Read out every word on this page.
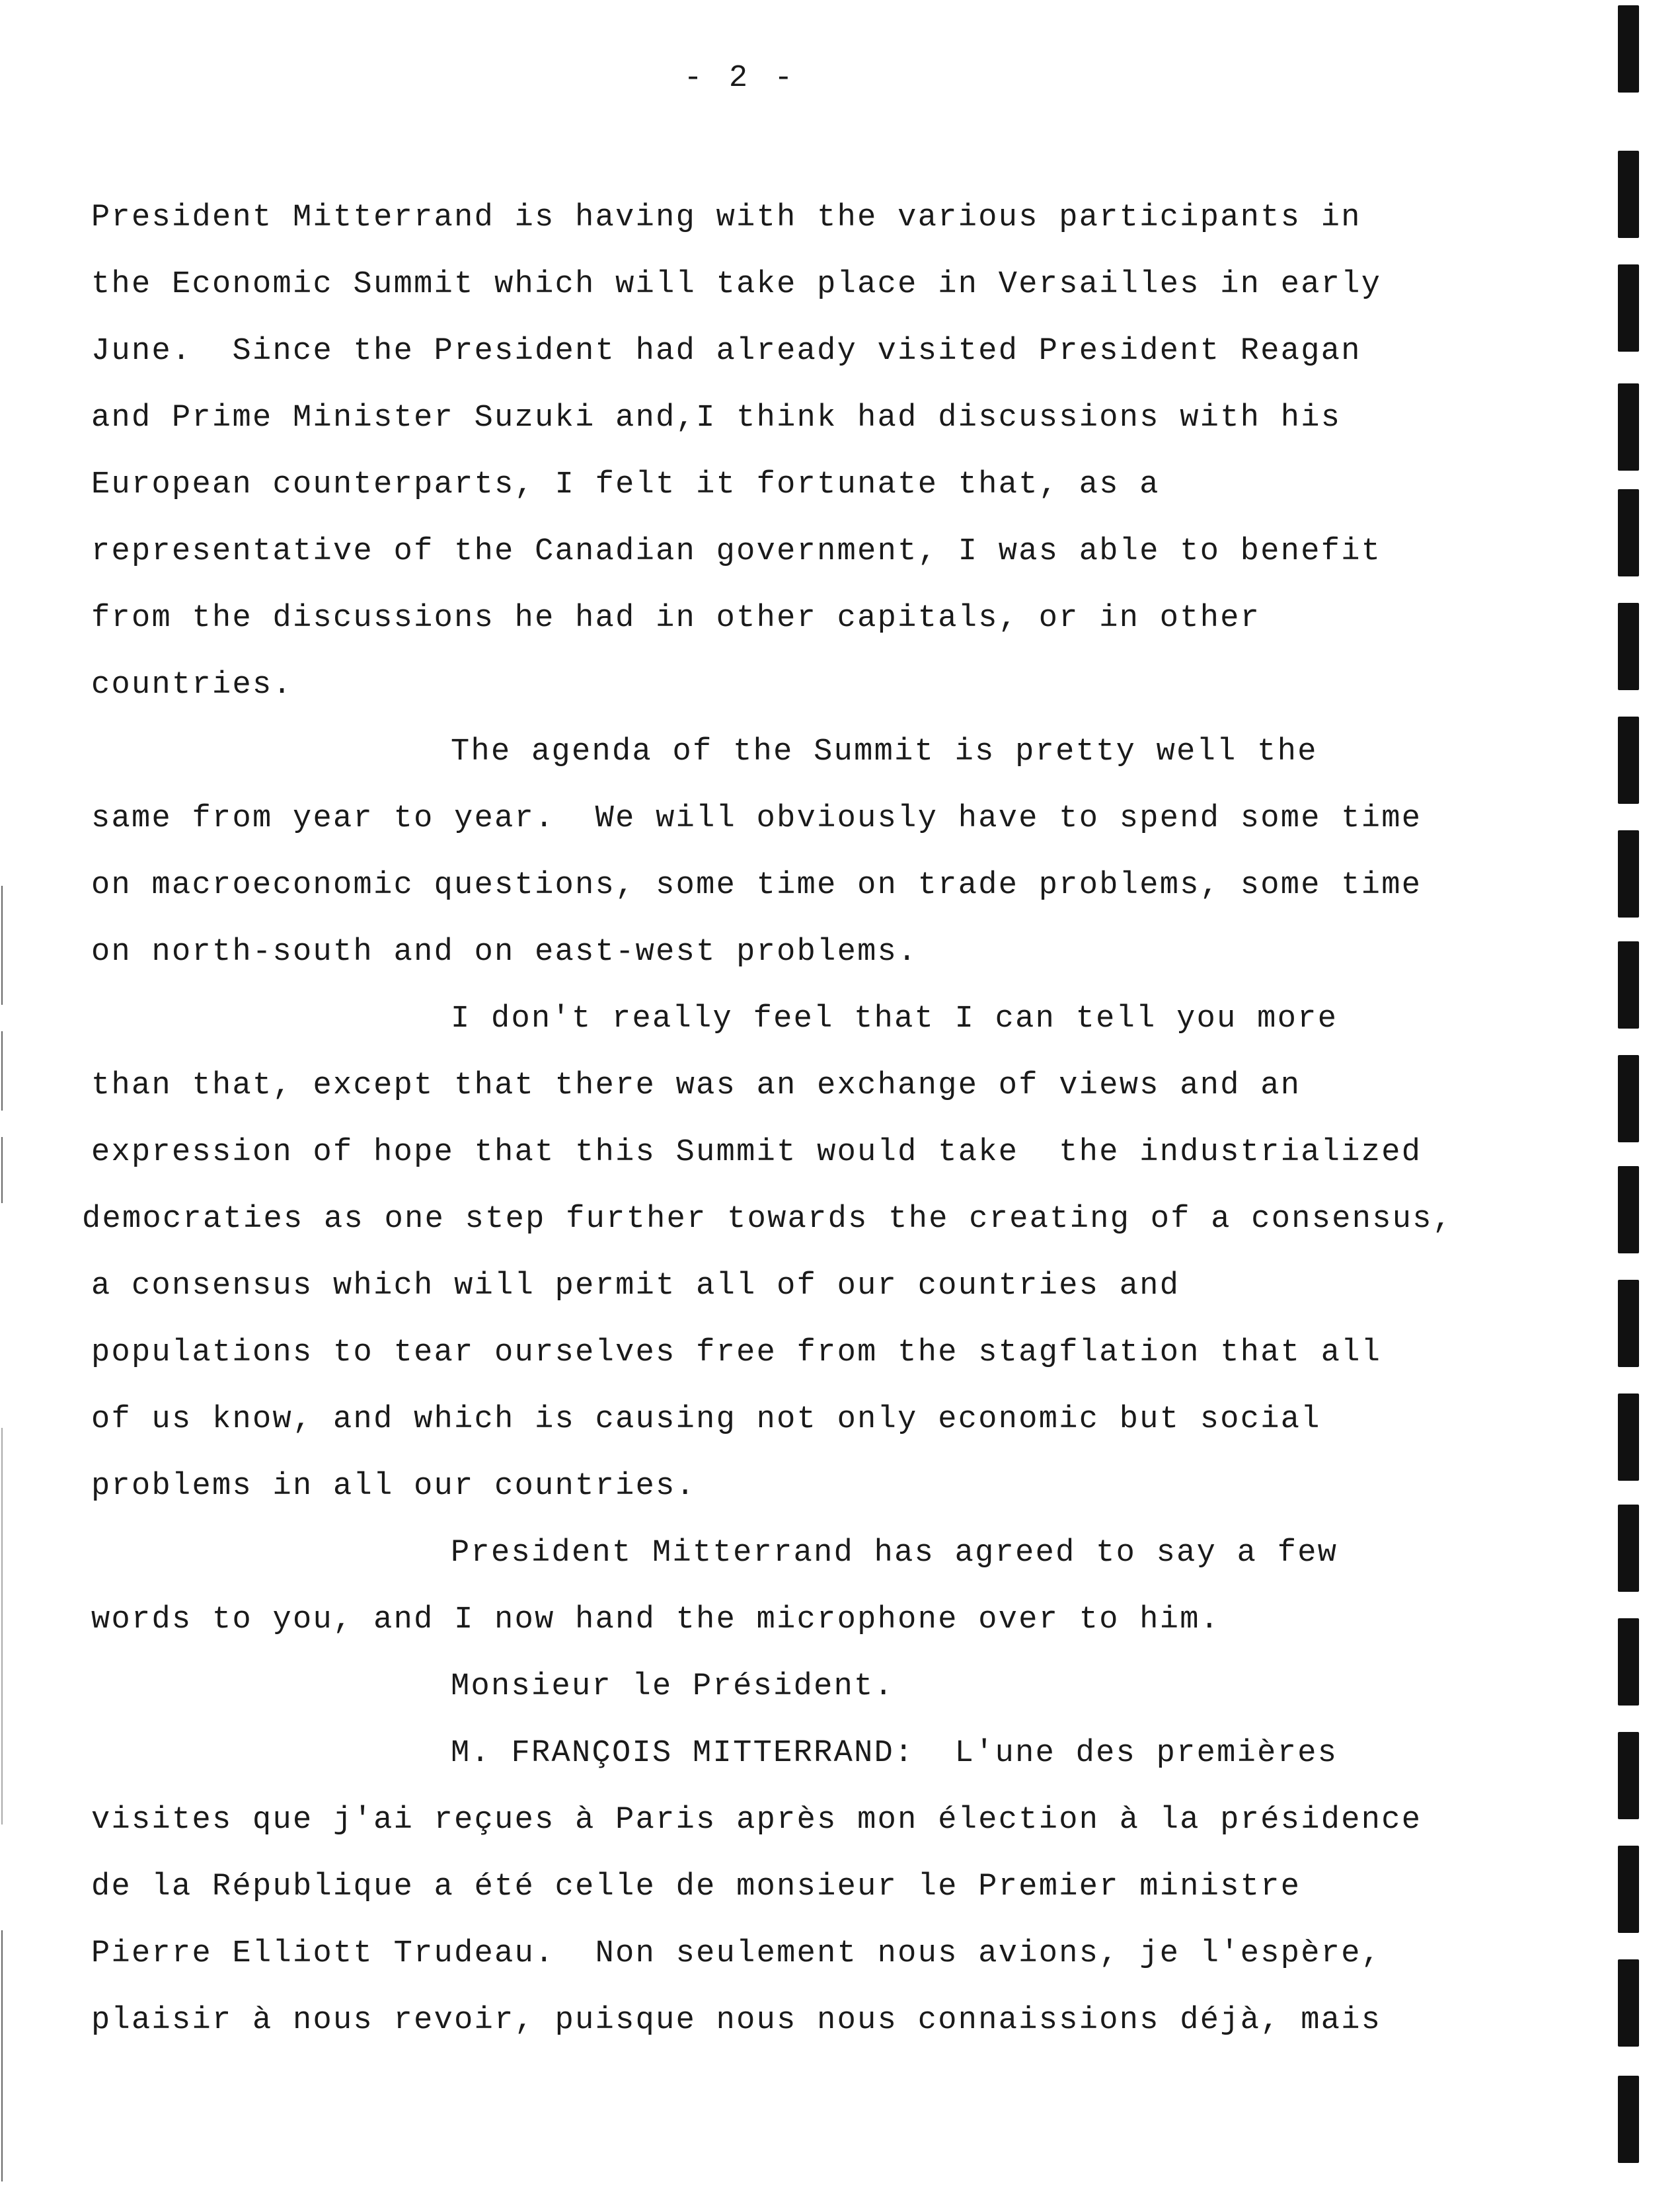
- 2 -
President Mitterrand is having with the various participants in
the Economic Summit which will take place in Versailles in early
June.  Since the President had already visited President Reagan
and Prime Minister Suzuki and,I think had discussions with his
European counterparts, I felt it fortunate that, as a
representative of the Canadian government, I was able to benefit
from the discussions he had in other capitals, or in other
countries.
The agenda of the Summit is pretty well the
same from year to year.  We will obviously have to spend some time
on macroeconomic questions, some time on trade problems, some time
on north-south and on east-west problems.
I don't really feel that I can tell you more
than that, except that there was an exchange of views and an
expression of hope that this Summit would take  the industrialized
democraties as one step further towards the creating of a consensus,
a consensus which will permit all of our countries and
populations to tear ourselves free from the stagflation that all
of us know, and which is causing not only economic but social
problems in all our countries.
President Mitterrand has agreed to say a few
words to you, and I now hand the microphone over to him.
Monsieur le Président.
M. FRANÇOIS MITTERRAND:  L'une des premières
visites que j'ai reçues à Paris après mon élection à la présidence
de la République a été celle de monsieur le Premier ministre
Pierre Elliott Trudeau.  Non seulement nous avions, je l'espère,
plaisir à nous revoir, puisque nous nous connaissions déjà, mais
